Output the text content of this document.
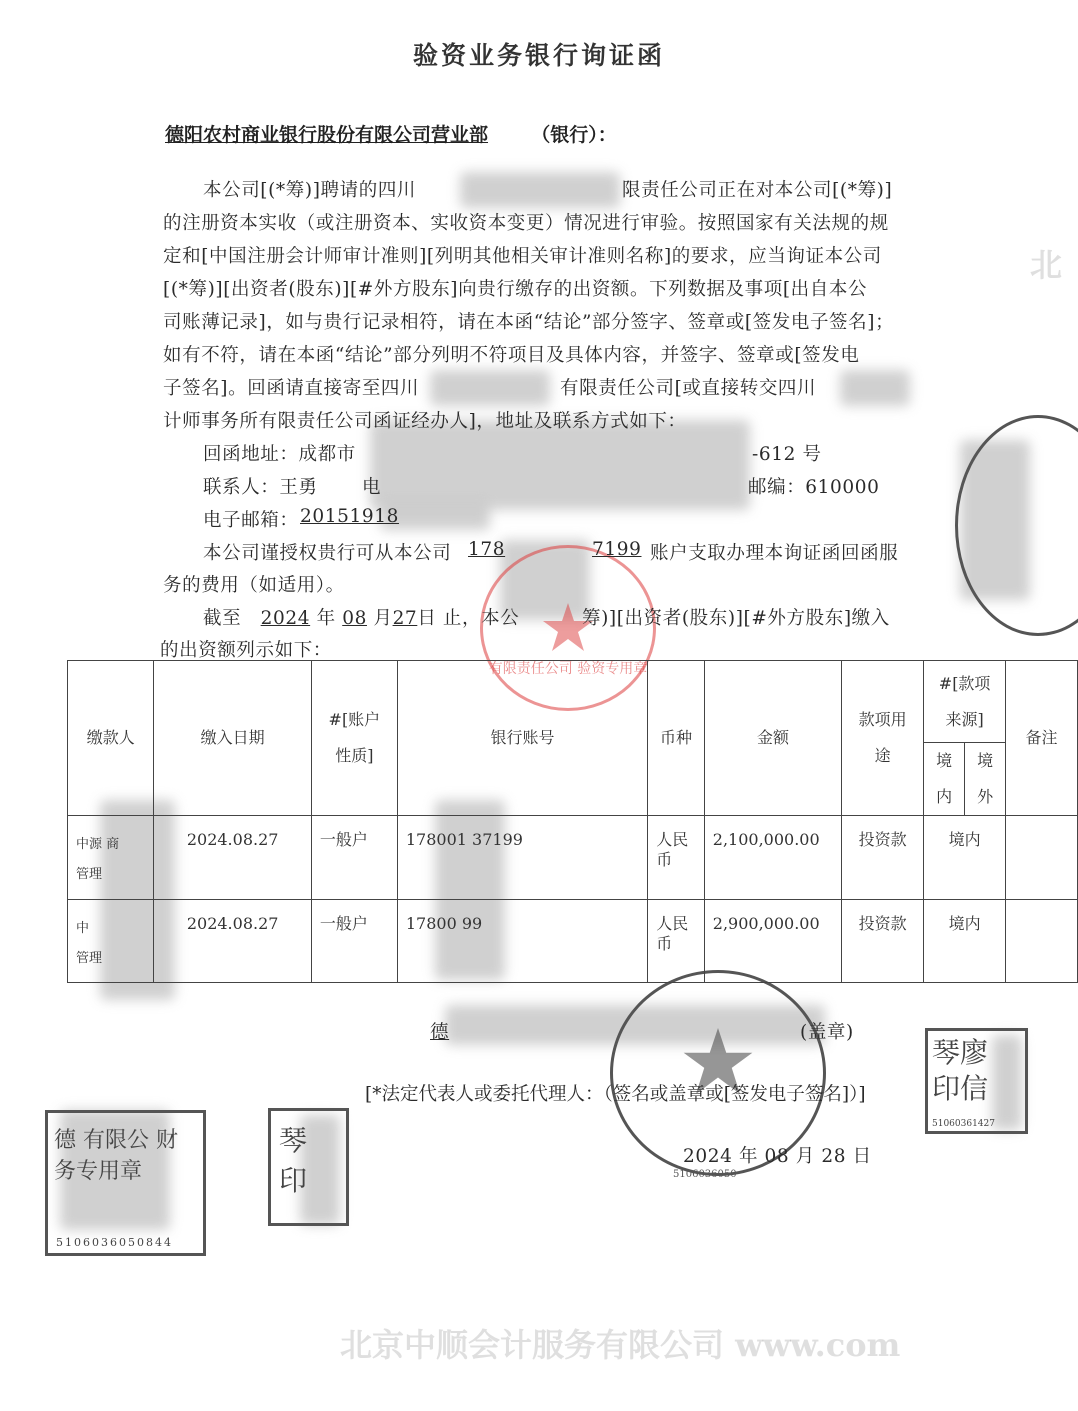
北京中顺会计服务有限公司 www.com
北
验资业务银行询证函
德阳农村商业银行股份有限公司营业部 （银行）：
本公司[(*筹)]聘请的四川	限责任公司正在对本公司[(*筹)]
的注册资本实收（或注册资本、实收资本变更）情况进行审验。按照国家有关法规的规
定和[中国注册会计师审计准则][列明其他相关审计准则名称]的要求，应当询证本公司
[(*筹)][出资者(股东)][#外方股东]向贵行缴存的出资额。下列数据及事项[出自本公
司账薄记录]，如与贵行记录相符，请在本函“结论”部分签字、签章或[签发电子签名]；
如有不符，请在本函“结论”部分列明不符项目及具体内容，并签字、签章或[签发电
子签名]。回函请直接寄至四川	有限责任公司[或直接转交四川
计师事务所有限责任公司函证经办人]，地址及联系方式如下：
回函地址：成都市	-612 号
联系人：王勇 电	邮编：610000
电子邮箱： 20151918
本公司谨授权贵行可从本公司 178	7199 账户支取办理本询证函回函服
务的费用（如适用）。
截至 2024 年 08 月27日 止，本公	筹)][出资者(股东)][#外方股东]缴入
的出资额列示如下：
缴款人	缴入日期	#[账户性质]	银行账号	币种	金额	款项用途	#[款项来源]		备注
							境内	境外	
中源 商
管理	2024.08.27	一般户	178001 37199	人民币	2,100,000.00	投资款	境内		
中
管理	2024.08.27	一般户	17800 99	人民币	2,900,000.00	投资款	境内		
德	(盖章)
[*法定代表人或委托代理人：（签名或盖章或[签发电子签名]）]
2024 年 08 月 28 日
有限责任公司 验资专用章
5106036050
德 有限公 财务专用章
5106036050844
琴 印
琴廖 印信
51060361427
